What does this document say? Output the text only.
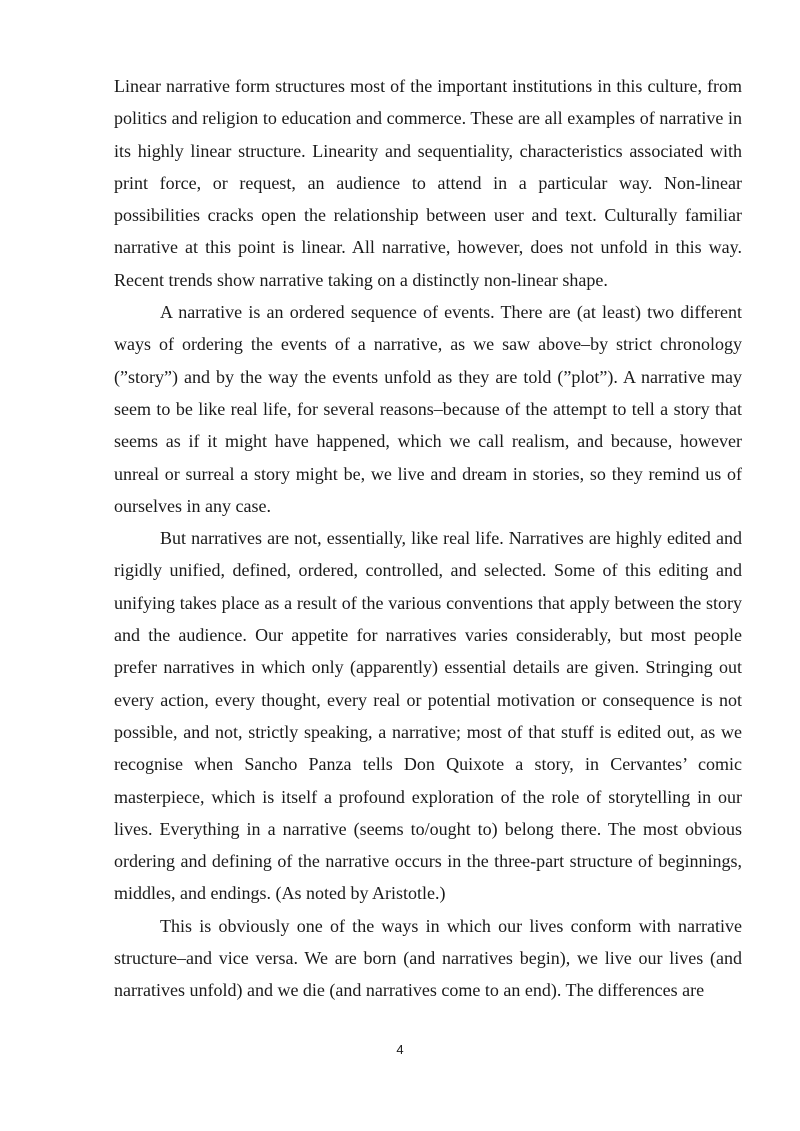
Linear narrative form structures most of the important institutions in this culture, from politics and religion to education and commerce. These are all examples of narrative in its highly linear structure. Linearity and sequentiality, characteristics associated with print force, or request, an audience to attend in a particular way. Non-linear possibilities cracks open the relationship between user and text. Culturally familiar narrative at this point is linear. All narrative, however, does not unfold in this way. Recent trends show narrative taking on a distinctly non-linear shape.

A narrative is an ordered sequence of events. There are (at least) two different ways of ordering the events of a narrative, as we saw above–by strict chronology (”story”) and by the way the events unfold as they are told (”plot”). A narrative may seem to be like real life, for several reasons–because of the attempt to tell a story that seems as if it might have happened, which we call realism, and because, however unreal or surreal a story might be, we live and dream in stories, so they remind us of ourselves in any case.

But narratives are not, essentially, like real life. Narratives are highly edited and rigidly unified, defined, ordered, controlled, and selected. Some of this editing and unifying takes place as a result of the various conventions that apply between the story and the audience. Our appetite for narratives varies considerably, but most people prefer narratives in which only (apparently) essential details are given. Stringing out every action, every thought, every real or potential motivation or consequence is not possible, and not, strictly speaking, a narrative; most of that stuff is edited out, as we recognise when Sancho Panza tells Don Quixote a story, in Cervantes’ comic masterpiece, which is itself a profound exploration of the role of storytelling in our lives. Everything in a narrative (seems to/ought to) belong there. The most obvious ordering and defining of the narrative occurs in the three-part structure of beginnings, middles, and endings. (As noted by Aristotle.)

This is obviously one of the ways in which our lives conform with narrative structure–and vice versa. We are born (and narratives begin), we live our lives (and narratives unfold) and we die (and narratives come to an end). The differences are

4
